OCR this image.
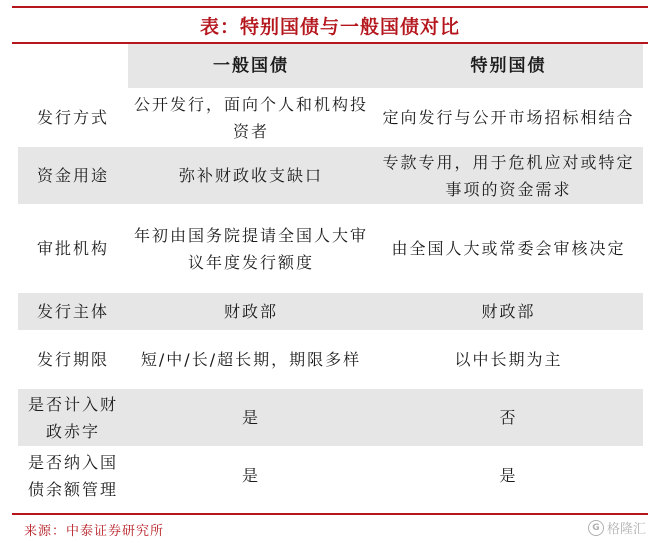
表：特别国债与一般国债对比
	一般国债	特别国债
发行方式	公开发行，面向个人和机构投资者	定向发行与公开市场招标相结合
资金用途	弥补财政收支缺口	专款专用，用于危机应对或特定事项的资金需求
审批机构	年初由国务院提请全国人大审议年度发行额度	由全国人大或常委会审核决定
发行主体	财政部	财政部
发行期限	短/中/长/超长期，期限多样	以中长期为主
是否计入财政赤字	是	否
是否纳入国债余额管理	是	是
来源：中泰证券研究所	G 格隆汇
